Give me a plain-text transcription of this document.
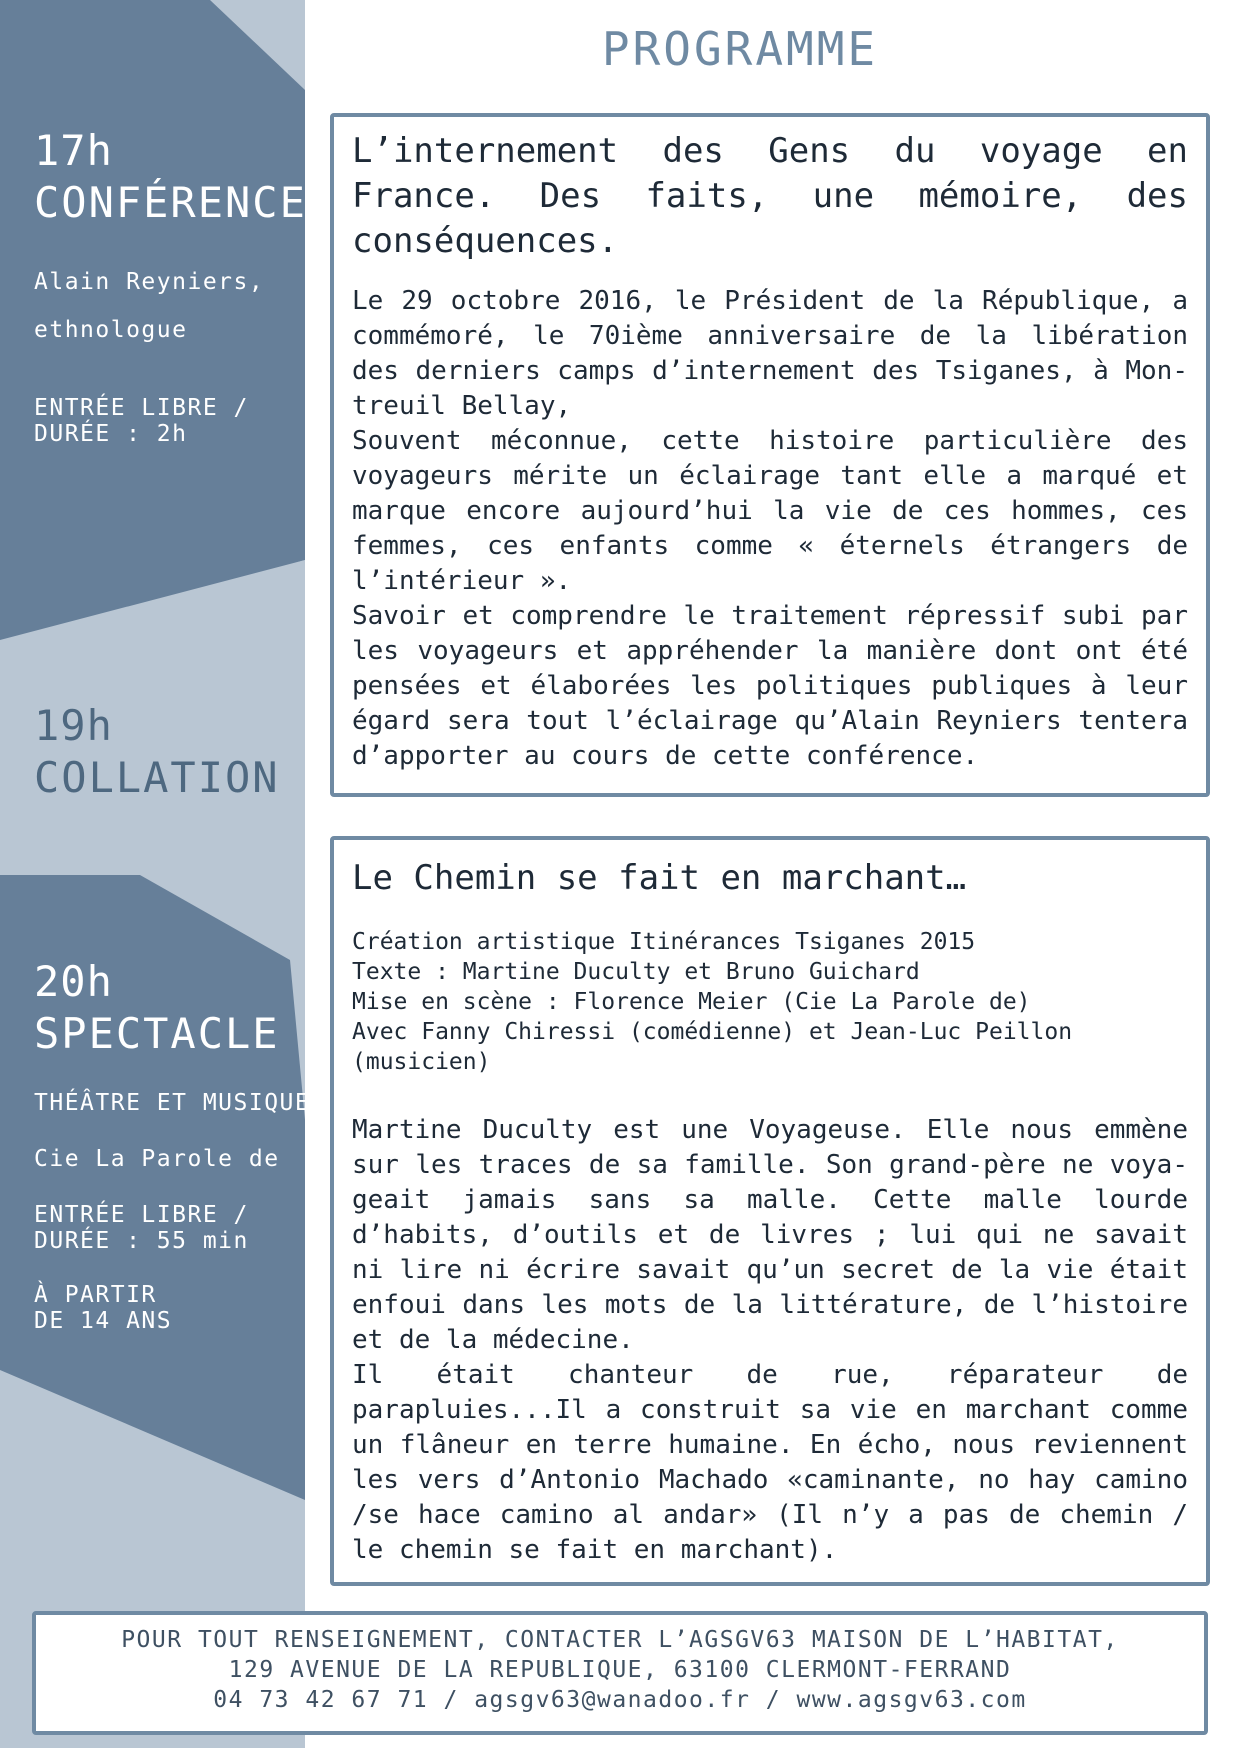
PROGRAMME
17h
CONFÉRENCE
Alain Reyniers,
ethnologue
ENTRÉE LIBRE /
DURÉE : 2h
19h
COLLATION
20h
SPECTACLE
THÉÂTRE ET MUSIQUE
Cie La Parole de
ENTRÉE LIBRE /
DURÉE : 55 min
À PARTIR
DE 14 ANS
L’internement des Gens du voyage en France. Des faits, une mémoire, des conséquences.
Le 29 octobre 2016, le Président de la République, a commémoré, le 70ième anniversaire de la libération des derniers camps d’internement des Tsiganes, à Mon-treuil Bellay,
Souvent méconnue, cette histoire particulière des voyageurs mérite un éclairage tant elle a marqué et marque encore aujourd’hui la vie de ces hommes, ces femmes, ces enfants comme « éternels étrangers de l’intérieur ».
Savoir et comprendre le traitement répressif subi par les voyageurs et appréhender la manière dont ont été pensées et élaborées les politiques publiques à leur égard sera tout l’éclairage qu’Alain Reyniers tentera d’apporter au cours de cette conférence.
Le Chemin se fait en marchant…
Création artistique Itinérances Tsiganes 2015
Texte : Martine Duculty et Bruno Guichard
Mise en scène : Florence Meier (Cie La Parole de)
Avec Fanny Chiressi (comédienne) et Jean-Luc Peillon
(musicien)
Martine Duculty est une Voyageuse. Elle nous emmène sur les traces de sa famille. Son grand-père ne voya-geait jamais sans sa malle. Cette malle lourde d’habits, d’outils et de livres ; lui qui ne savait ni lire ni écrire savait qu’un secret de la vie était enfoui dans les mots de la littérature, de l’histoire et de la médecine.
Il était chanteur de rue, réparateur de parapluies...Il a construit sa vie en marchant comme un flâneur en terre humaine. En écho, nous reviennent les vers d’Antonio Machado «caminante, no hay camino /se hace camino al andar» (Il n’y a pas de chemin / le chemin se fait en marchant).
POUR TOUT RENSEIGNEMENT, CONTACTER L’AGSGV63 MAISON DE L’HABITAT,
129 AVENUE DE LA REPUBLIQUE, 63100 CLERMONT-FERRAND
04 73 42 67 71 / agsgv63@wanadoo.fr / www.agsgv63.com
